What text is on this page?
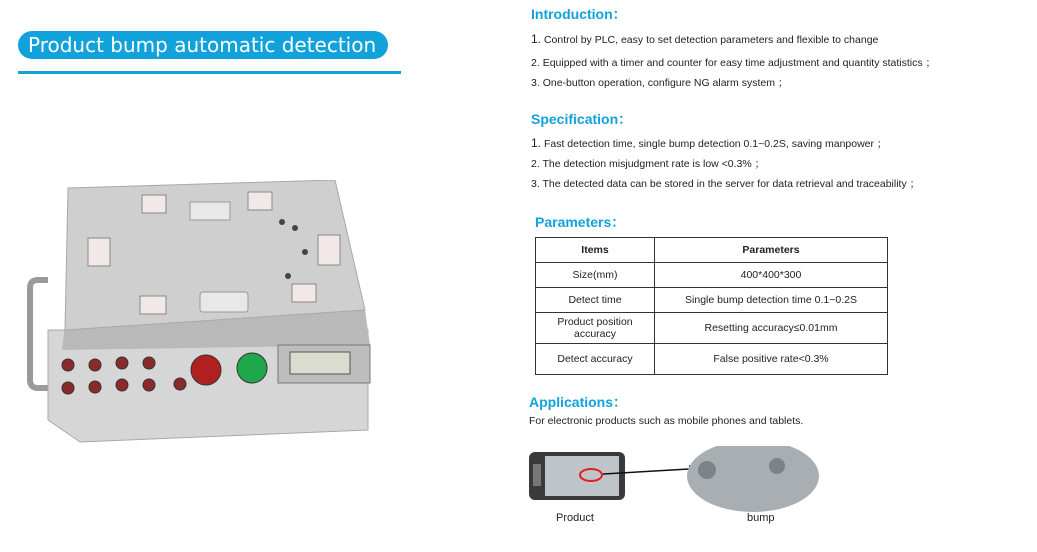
Product bump automatic detection
Introduction：
1. Control by PLC, easy to set detection parameters and flexible to change
2. Equipped with a timer and counter for easy time adjustment and quantity statistics ；
3. One-button operation, configure NG alarm system ；
Specification：
1. Fast detection time, single bump detection 0.1~0.2S, saving manpower ；
2. The detection misjudgment rate is low <0.3% ；
3. The detected data can be stored in the server for data retrieval and traceability ；
Parameters：
Items	Parameters
Size(mm)	400*400*300
Detect time	Single bump detection time 0.1~0.2S
Product position accuracy	Resetting accuracy≤0.01mm
Detect accuracy	False positive rate<0.3%
Applications：
For electronic products such as mobile phones and tablets.
Product	bump
